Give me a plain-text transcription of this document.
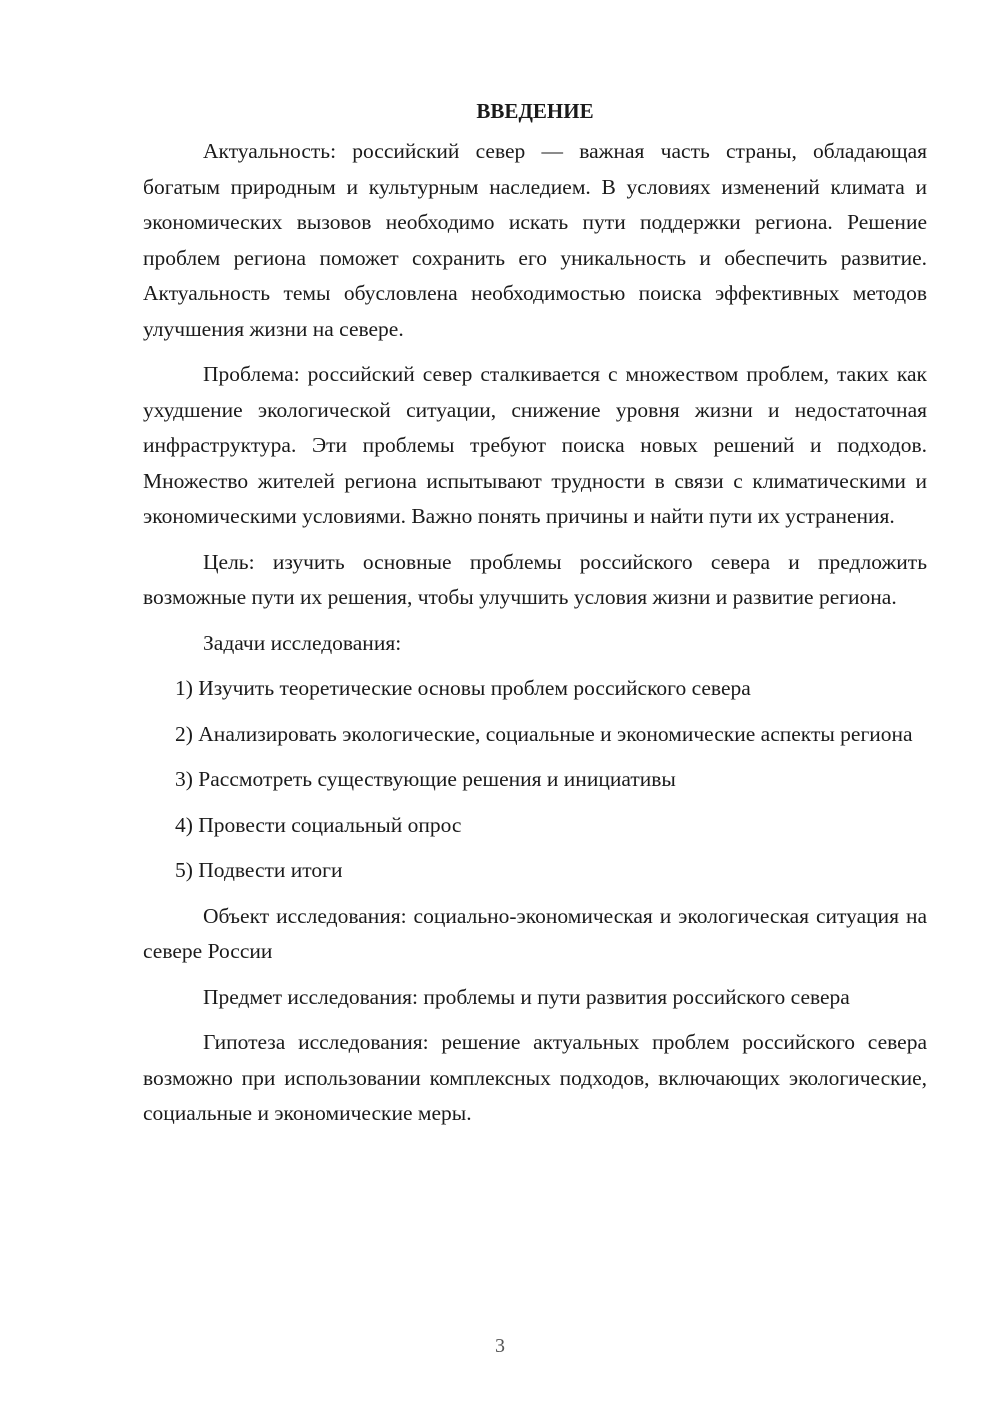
ВВЕДЕНИЕ

Актуальность: российский север — важная часть страны, обладающая богатым природным и культурным наследием. В условиях изменений климата и экономических вызовов необходимо искать пути поддержки региона. Решение проблем региона поможет сохранить его уникальность и обеспечить развитие. Актуальность темы обусловлена необходимостью поиска эффективных методов улучшения жизни на севере.

Проблема: российский север сталкивается с множеством проблем, таких как ухудшение экологической ситуации, снижение уровня жизни и недостаточная инфраструктура. Эти проблемы требуют поиска новых решений и подходов. Множество жителей региона испытывают трудности в связи с климатическими и экономическими условиями. Важно понять причины и найти пути их устранения.

Цель: изучить основные проблемы российского севера и предложить возможные пути их решения, чтобы улучшить условия жизни и развитие региона.

Задачи исследования:

1) Изучить теоретические основы проблем российского севера

2) Анализировать экологические, социальные и экономические аспекты региона

3) Рассмотреть существующие решения и инициативы

4) Провести социальный опрос

5) Подвести итоги

Объект исследования: социально-экономическая и экологическая ситуация на севере России

Предмет исследования: проблемы и пути развития российского севера

Гипотеза исследования: решение актуальных проблем российского севера возможно при использовании комплексных подходов, включающих экологические, социальные и экономические меры.

3
